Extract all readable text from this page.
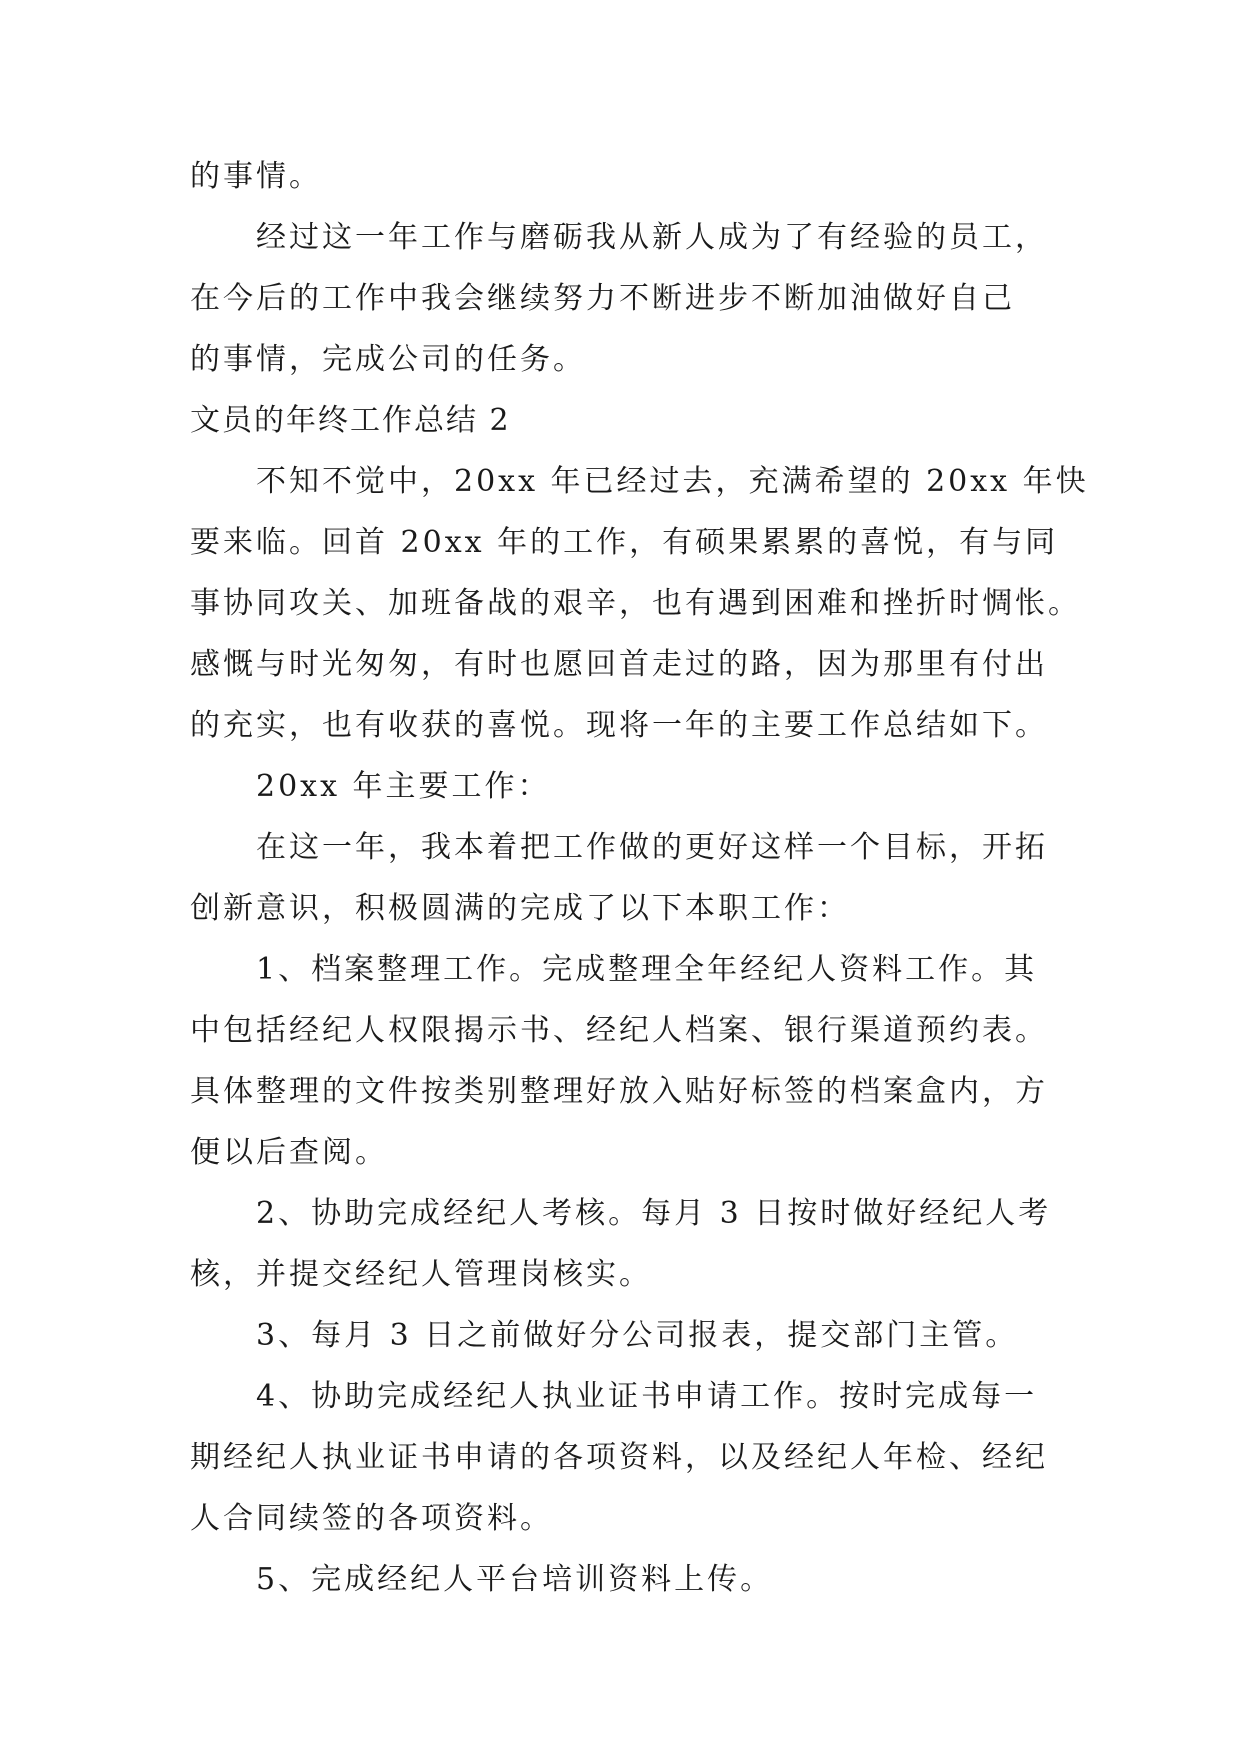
的事情。
经过这一年工作与磨砺我从新人成为了有经验的员工，
在今后的工作中我会继续努力不断进步不断加油做好自己
的事情，完成公司的任务。
文员的年终工作总结 2
不知不觉中，20xx 年已经过去，充满希望的 20xx 年快
要来临。回首 20xx 年的工作，有硕果累累的喜悦，有与同
事协同攻关、加班备战的艰辛，也有遇到困难和挫折时惆怅。
感慨与时光匆匆，有时也愿回首走过的路，因为那里有付出
的充实，也有收获的喜悦。现将一年的主要工作总结如下。
20xx 年主要工作：
在这一年，我本着把工作做的更好这样一个目标，开拓
创新意识，积极圆满的完成了以下本职工作：
1、档案整理工作。完成整理全年经纪人资料工作。其
中包括经纪人权限揭示书、经纪人档案、银行渠道预约表。
具体整理的文件按类别整理好放入贴好标签的档案盒内，方
便以后查阅。
2、协助完成经纪人考核。每月 3 日按时做好经纪人考
核，并提交经纪人管理岗核实。
3、每月 3 日之前做好分公司报表，提交部门主管。
4、协助完成经纪人执业证书申请工作。按时完成每一
期经纪人执业证书申请的各项资料，以及经纪人年检、经纪
人合同续签的各项资料。
5、完成经纪人平台培训资料上传。
